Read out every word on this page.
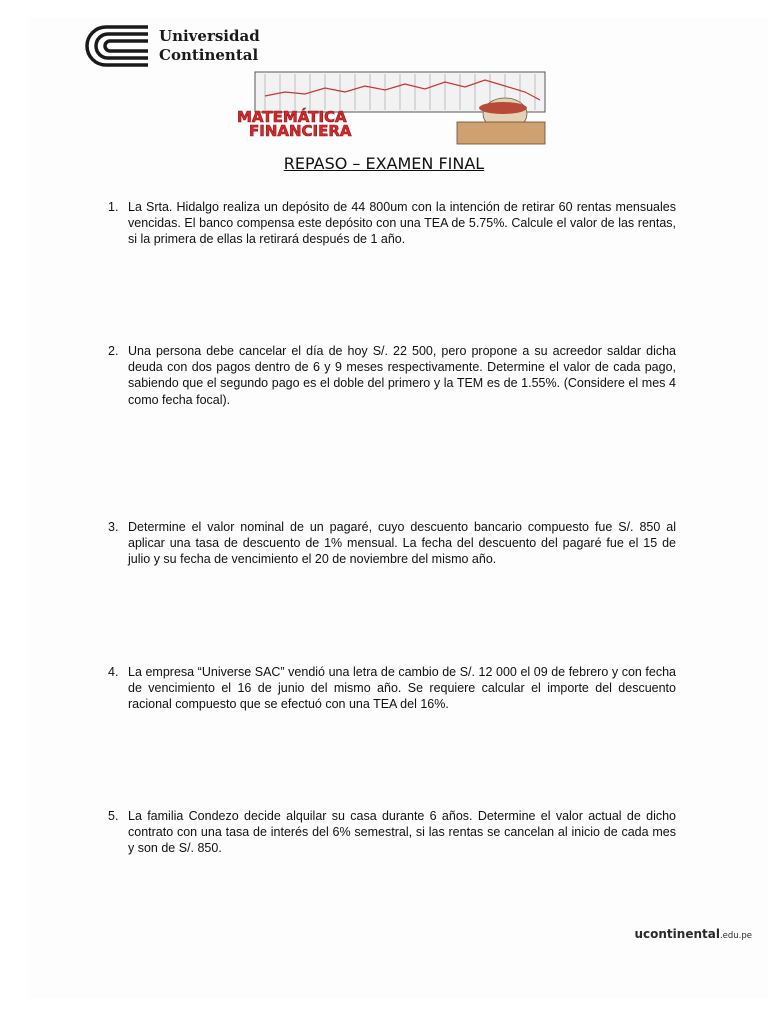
Universidad
Continental
MATEMÁTICA
FINANCIERA
REPASO – EXAMEN FINAL
1. La Srta. Hidalgo realiza un depósito de 44 800um con la intención de retirar 60 rentas mensuales vencidas. El banco compensa este depósito con una TEA de 5.75%. Calcule el valor de las rentas, si la primera de ellas la retirará después de 1 año.
2. Una persona debe cancelar el día de hoy S/. 22 500, pero propone a su acreedor saldar dicha deuda con dos pagos dentro de 6 y 9 meses respectivamente. Determine el valor de cada pago, sabiendo que el segundo pago es el doble del primero y la TEM es de 1.55%. (Considere el mes 4 como fecha focal).
3. Determine el valor nominal de un pagaré, cuyo descuento bancario compuesto fue S/. 850 al aplicar una tasa de descuento de 1% mensual. La fecha del descuento del pagaré fue el 15 de julio y su fecha de vencimiento el 20 de noviembre del mismo año.
4. La empresa “Universe SAC” vendió una letra de cambio de S/. 12 000 el 09 de febrero y con fecha de vencimiento el 16 de junio del mismo año. Se requiere calcular el importe del descuento racional compuesto que se efectuó con una TEA del 16%.
5. La familia Condezo decide alquilar su casa durante 6 años. Determine el valor actual de dicho contrato con una tasa de interés del 6% semestral, si las rentas se cancelan al inicio de cada mes y son de S/. 850.
ucontinental.edu.pe
